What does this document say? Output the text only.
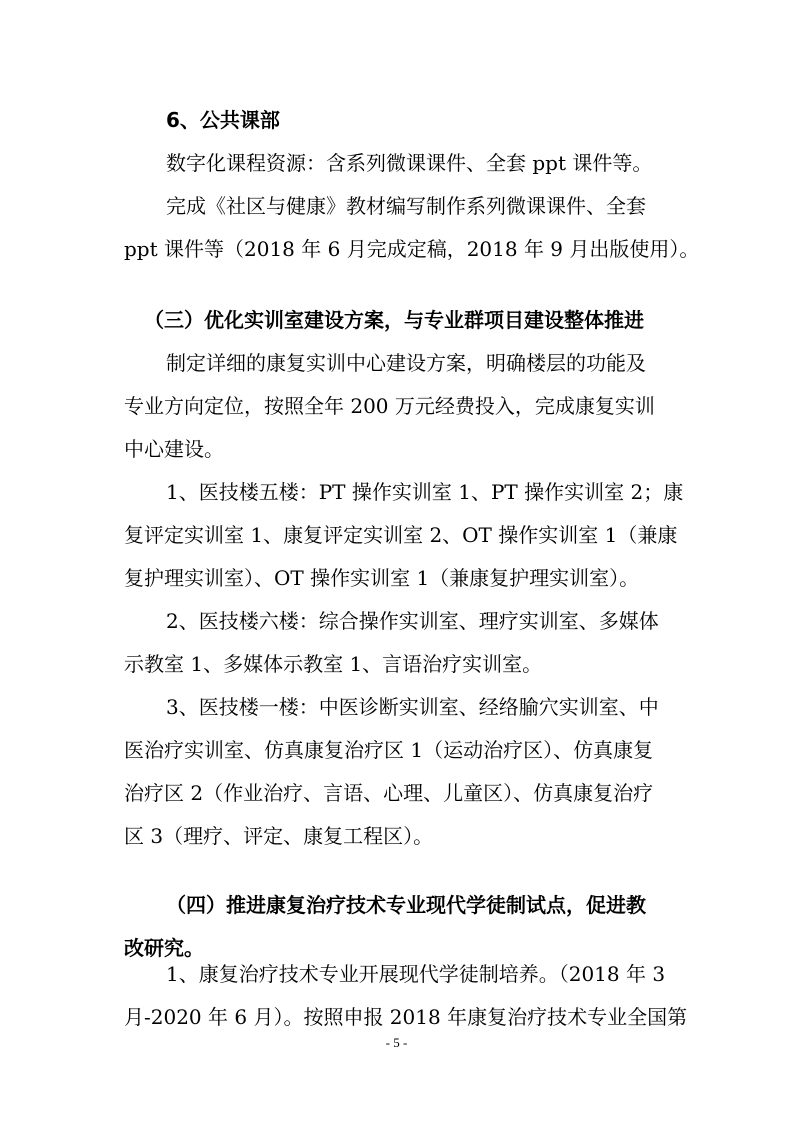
6、公共课部
数字化课程资源：含系列微课课件、全套 ppt 课件等。
完成《社区与健康》教材编写制作系列微课课件、全套
ppt 课件等（2018 年 6 月完成定稿，2018 年 9 月出版使用）。
（三）优化实训室建设方案，与专业群项目建设整体推进
制定详细的康复实训中心建设方案，明确楼层的功能及
专业方向定位，按照全年 200 万元经费投入，完成康复实训
中心建设。
1、医技楼五楼：PT 操作实训室 1、PT 操作实训室 2；康
复评定实训室 1、康复评定实训室 2、OT 操作实训室 1（兼康
复护理实训室）、OT 操作实训室 1（兼康复护理实训室）。
2、医技楼六楼：综合操作实训室、理疗实训室、多媒体
示教室 1、多媒体示教室 1、言语治疗实训室。
3、医技楼一楼：中医诊断实训室、经络腧穴实训室、中
医治疗实训室、仿真康复治疗区 1（运动治疗区）、仿真康复
治疗区 2（作业治疗、言语、心理、儿童区）、仿真康复治疗
区 3（理疗、评定、康复工程区）。
（四）推进康复治疗技术专业现代学徒制试点，促进教
改研究。
1、康复治疗技术专业开展现代学徒制培养。（2018 年 3
月-2020 年 6 月）。按照申报 2018 年康复治疗技术专业全国第
- 5 -
